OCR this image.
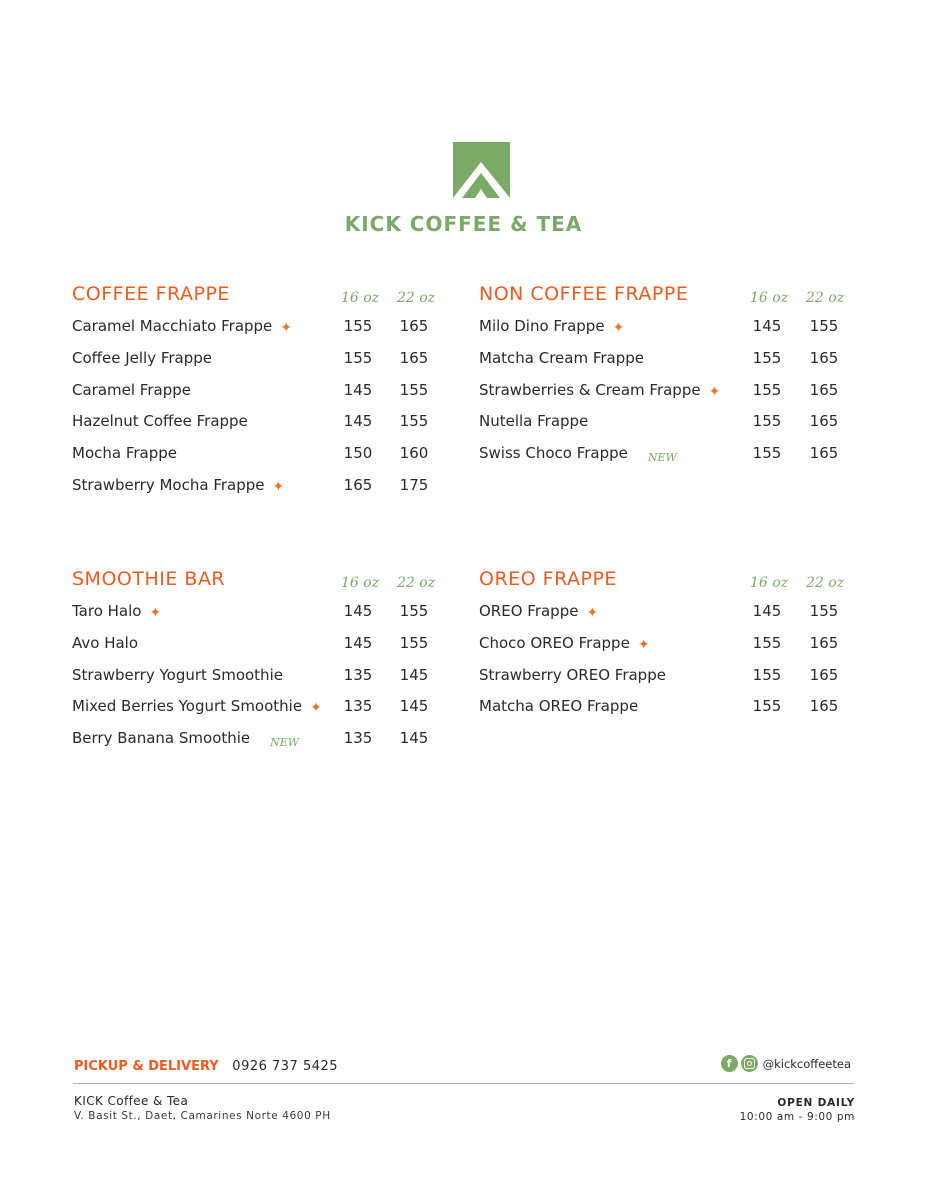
KICK COFFEE & TEA
COFFEE FRAPPE	16 oz 22 oz
Caramel Macchiato Frappe ✦	155	165
Coffee Jelly Frappe	155	165
Caramel Frappe	145	155
Hazelnut Coffee Frappe	145	155
Mocha Frappe	150	160
Strawberry Mocha Frappe ✦	165	175
NON COFFEE FRAPPE	16 oz 22 oz
Milo Dino Frappe ✦	145	155
Matcha Cream Frappe	155	165
Strawberries & Cream Frappe ✦	155	165
Nutella Frappe	155	165
Swiss Choco Frappe NEW	155	165
SMOOTHIE BAR	16 oz 22 oz
Taro Halo ✦	145	155
Avo Halo	145	155
Strawberry Yogurt Smoothie	135	145
Mixed Berries Yogurt Smoothie ✦	135	145
Berry Banana Smoothie NEW	135	145
OREO FRAPPE	16 oz 22 oz
OREO Frappe ✦	145	155
Choco OREO Frappe ✦	155	165
Strawberry OREO Frappe	155	165
Matcha OREO Frappe	155	165
PICKUP & DELIVERY 0926 737 5425	f	@kickcoffeetea
KICK Coffee & Tea
V. Basit St., Daet, Camarines Norte 4600 PH
OPEN DAILY
10:00 am - 9:00 pm
